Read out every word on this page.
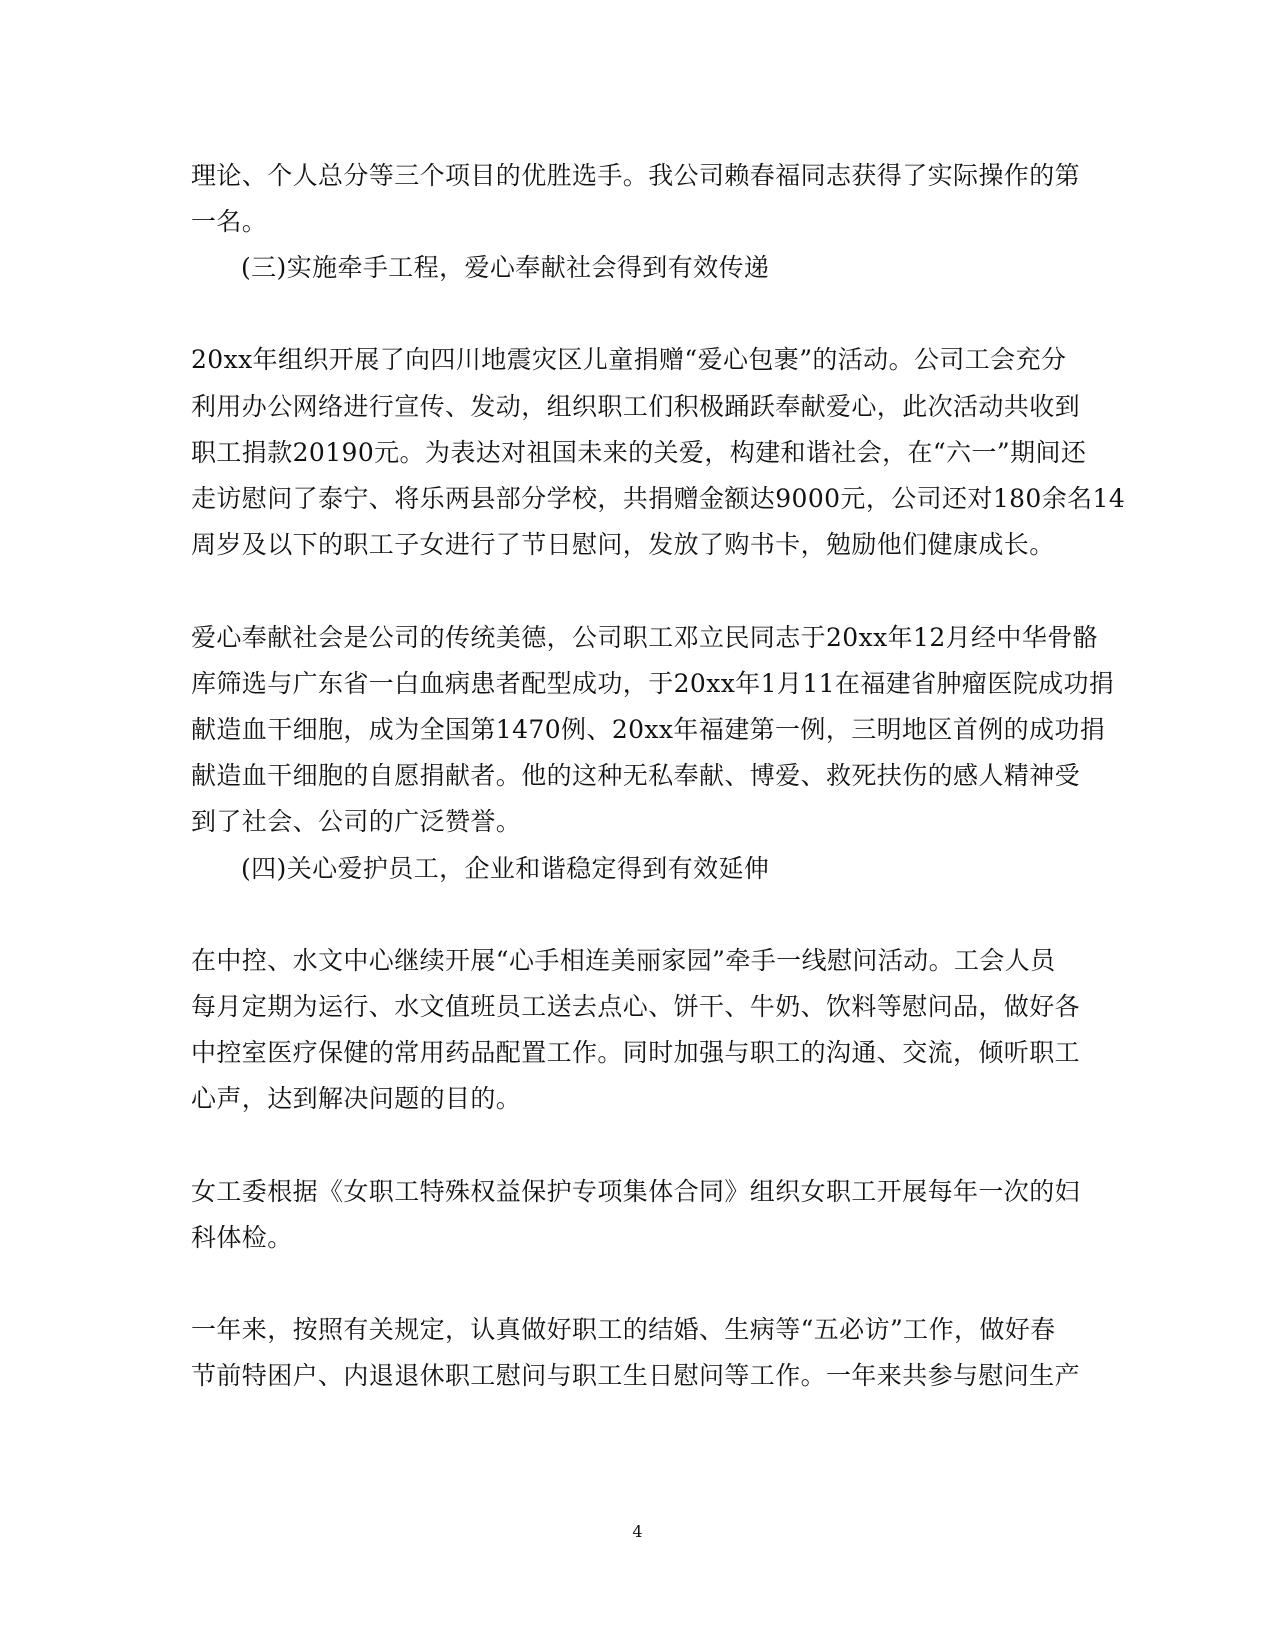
理论、个人总分等三个项目的优胜选手。我公司赖春福同志获得了实际操作的第
一名。
(三)实施牵手工程，爱心奉献社会得到有效传递
20xx年组织开展了向四川地震灾区儿童捐赠“爱心包裹”的活动。公司工会充分
利用办公网络进行宣传、发动，组织职工们积极踊跃奉献爱心，此次活动共收到
职工捐款20190元。为表达对祖国未来的关爱，构建和谐社会，在“六一”期间还
走访慰问了泰宁、将乐两县部分学校，共捐赠金额达9000元，公司还对180余名14
周岁及以下的职工子女进行了节日慰问，发放了购书卡，勉励他们健康成长。
爱心奉献社会是公司的传统美德，公司职工邓立民同志于20xx年12月经中华骨骼
库筛选与广东省一白血病患者配型成功，于20xx年1月11在福建省肿瘤医院成功捐
献造血干细胞，成为全国第1470例、20xx年福建第一例，三明地区首例的成功捐
献造血干细胞的自愿捐献者。他的这种无私奉献、博爱、救死扶伤的感人精神受
到了社会、公司的广泛赞誉。
(四)关心爱护员工，企业和谐稳定得到有效延伸
在中控、水文中心继续开展“心手相连美丽家园”牵手一线慰问活动。工会人员
每月定期为运行、水文值班员工送去点心、饼干、牛奶、饮料等慰问品，做好各
中控室医疗保健的常用药品配置工作。同时加强与职工的沟通、交流，倾听职工
心声，达到解决问题的目的。
女工委根据《女职工特殊权益保护专项集体合同》组织女职工开展每年一次的妇
科体检。
一年来，按照有关规定，认真做好职工的结婚、生病等“五必访”工作，做好春
节前特困户、内退退休职工慰问与职工生日慰问等工作。一年来共参与慰问生产
4
